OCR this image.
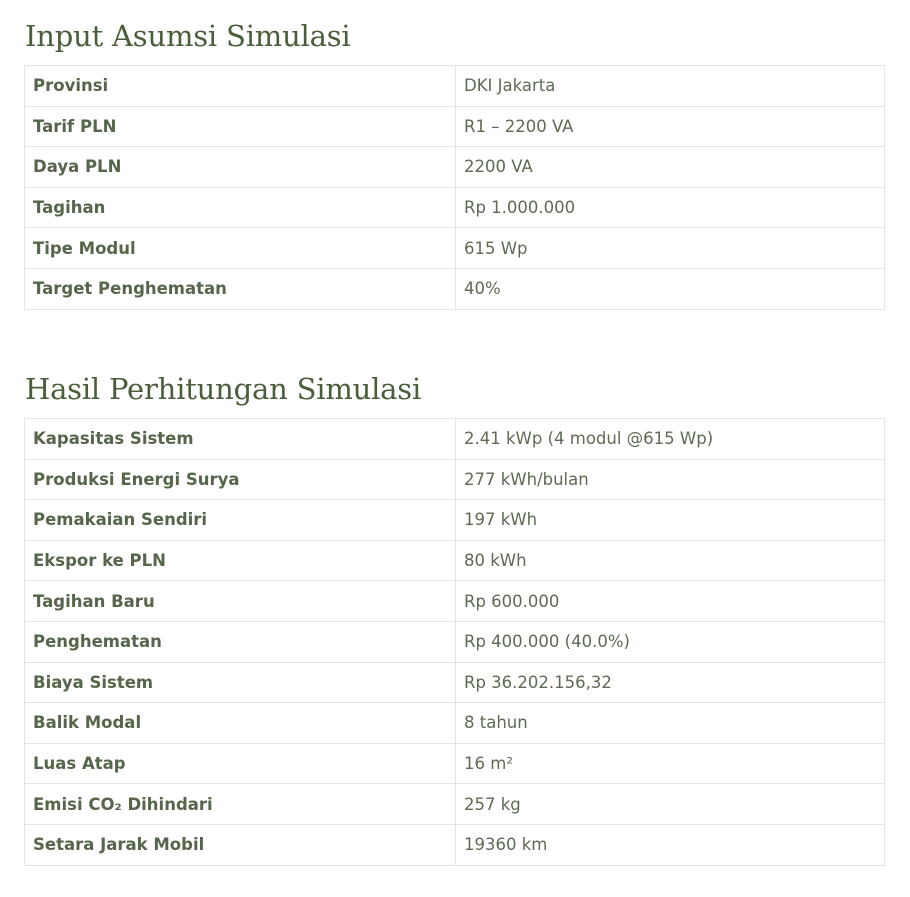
Input Asumsi Simulasi
Provinsi	DKI Jakarta
Tarif PLN	R1 – 2200 VA
Daya PLN	2200 VA
Tagihan	Rp 1.000.000
Tipe Modul	615 Wp
Target Penghematan	40%
Hasil Perhitungan Simulasi
Kapasitas Sistem	2.41 kWp (4 modul @615 Wp)
Produksi Energi Surya	277 kWh/bulan
Pemakaian Sendiri	197 kWh
Ekspor ke PLN	80 kWh
Tagihan Baru	Rp 600.000
Penghematan	Rp 400.000 (40.0%)
Biaya Sistem	Rp 36.202.156,32
Balik Modal	8 tahun
Luas Atap	16 m²
Emisi CO₂ Dihindari	257 kg
Setara Jarak Mobil	19360 km
